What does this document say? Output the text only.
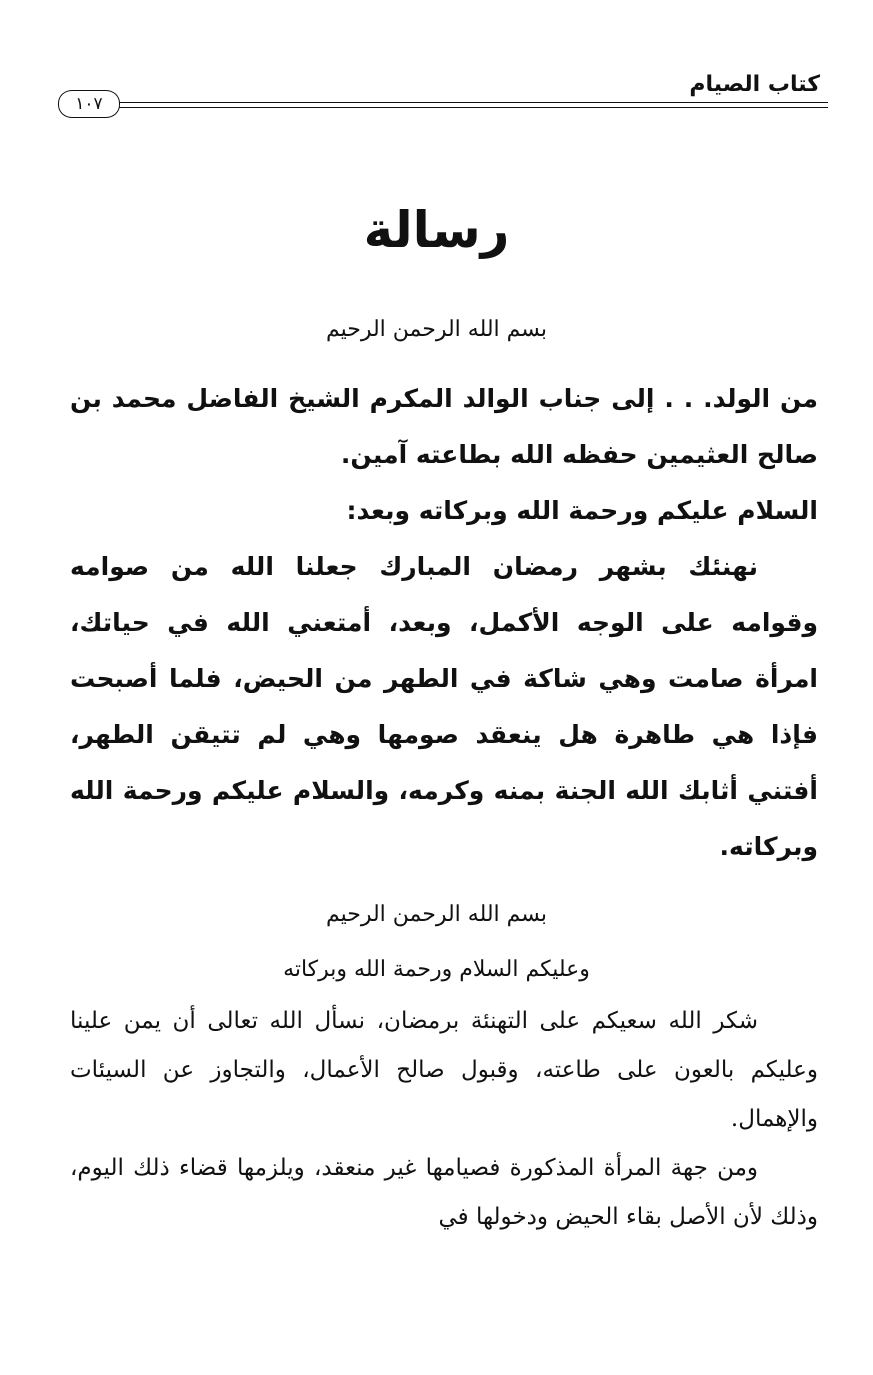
كتاب الصيام
١٠٧
رسالة
بسم الله الرحمن الرحيم

من الولد. . . إلى جناب الوالد المكرم الشيخ الفاضل محمد بن صالح العثيمين حفظه الله بطاعته آمين.

السلام عليكم ورحمة الله وبركاته وبعد:

نهنئك بشهر رمضان المبارك جعلنا الله من صوامه وقوامه على الوجه الأكمل، وبعد، أمتعني الله في حياتك، امرأة صامت وهي شاكة في الطهر من الحيض، فلما أصبحت فإذا هي طاهرة هل ينعقد صومها وهي لم تتيقن الطهر، أفتني أثابك الله الجنة بمنه وكرمه، والسلام عليكم ورحمة الله وبركاته.

بسم الله الرحمن الرحيم
وعليكم السلام ورحمة الله وبركاته

شكر الله سعيكم على التهنئة برمضان، نسأل الله تعالى أن يمن علينا وعليكم بالعون على طاعته، وقبول صالح الأعمال، والتجاوز عن السيئات والإهمال.

ومن جهة المرأة المذكورة فصيامها غير منعقد، ويلزمها قضاء ذلك اليوم، وذلك لأن الأصل بقاء الحيض ودخولها في
